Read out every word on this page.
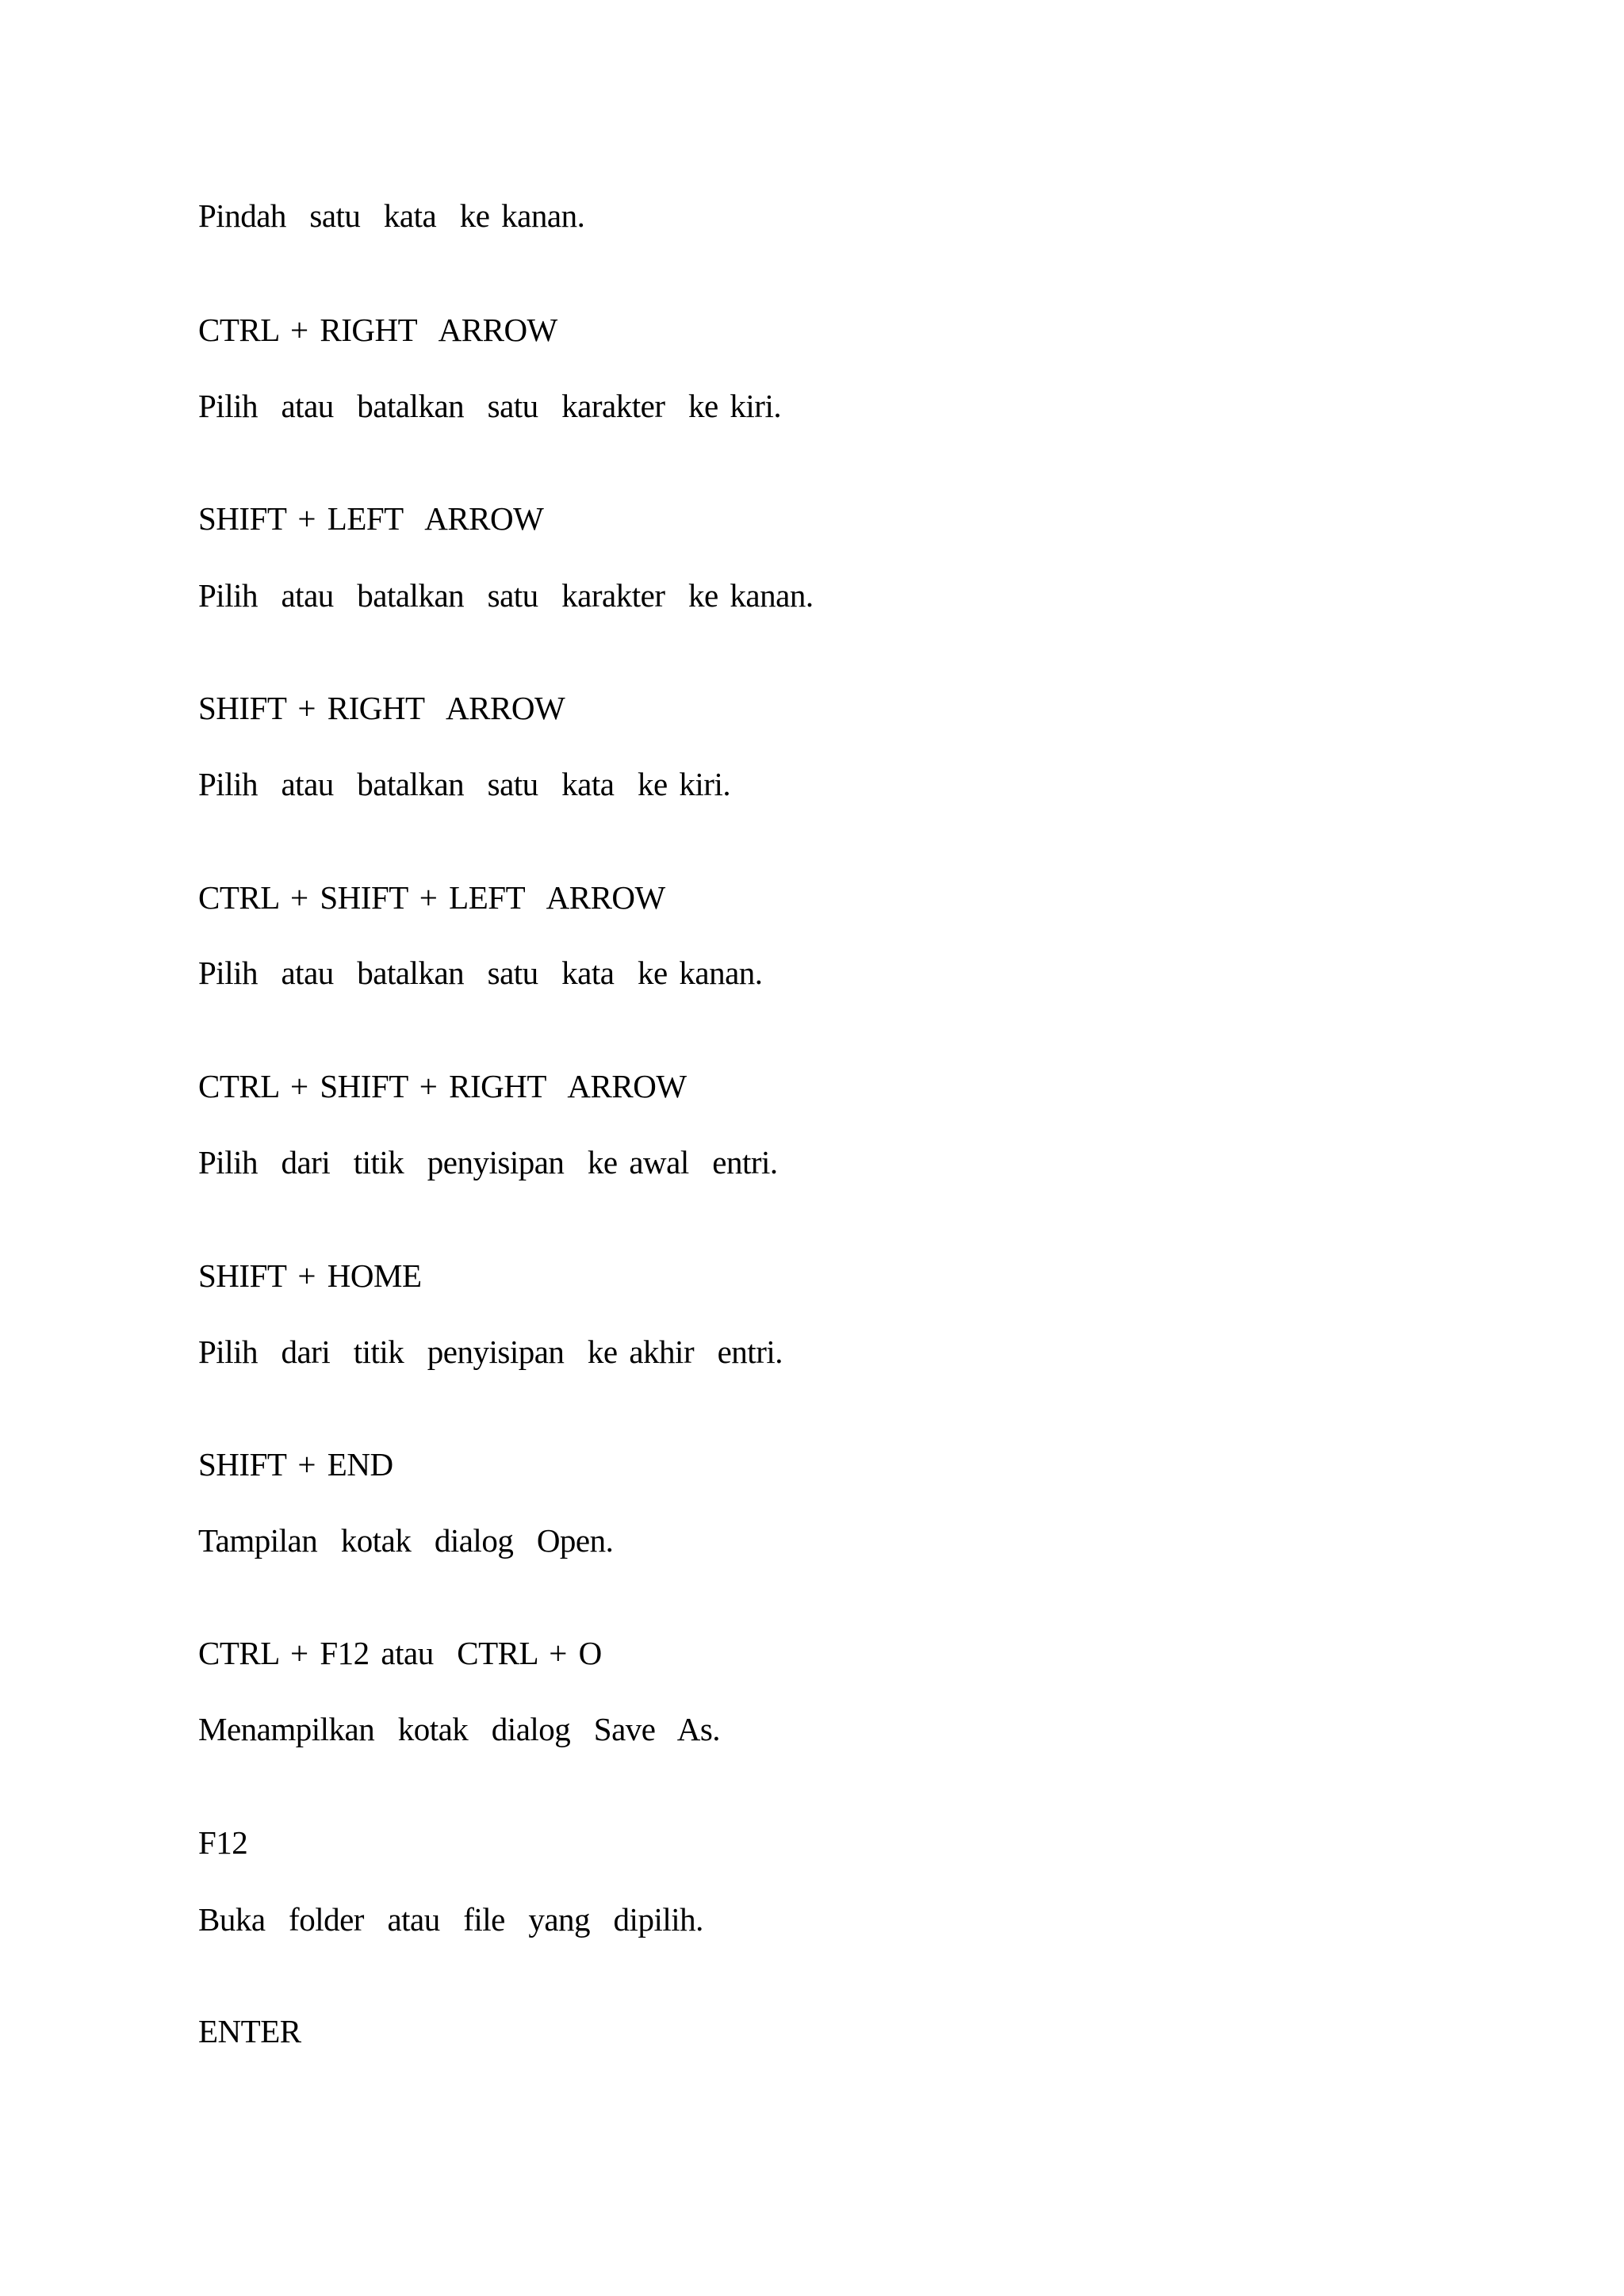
Pindah  satu  kata  ke kanan.

CTRL + RIGHT  ARROW

Pilih  atau  batalkan  satu  karakter  ke kiri.

SHIFT + LEFT  ARROW

Pilih  atau  batalkan  satu  karakter  ke kanan.

SHIFT + RIGHT  ARROW

Pilih  atau  batalkan  satu  kata  ke kiri.

CTRL + SHIFT + LEFT  ARROW

Pilih  atau  batalkan  satu  kata  ke kanan.

CTRL + SHIFT + RIGHT  ARROW

Pilih  dari  titik  penyisipan  ke awal  entri.

SHIFT + HOME

Pilih  dari  titik  penyisipan  ke akhir  entri.

SHIFT + END

Tampilan  kotak  dialog  Open.

CTRL + F12 atau  CTRL + O

Menampilkan  kotak  dialog  Save  As.

F12

Buka  folder  atau  file  yang  dipilih.

ENTER
